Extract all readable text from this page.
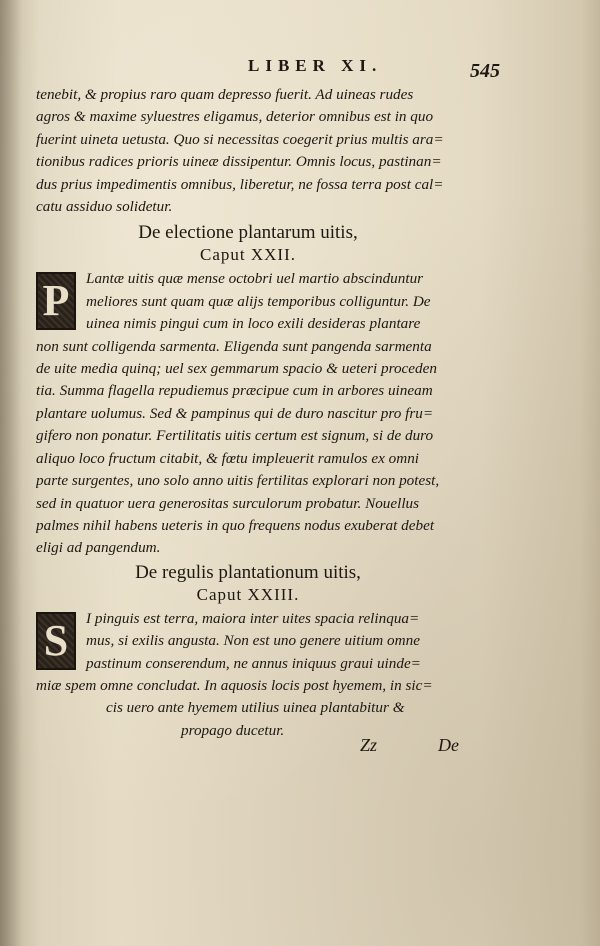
LIBER XI.	545
tenebit, & propius raro quam depresso fuerit. Ad uineas rudes
agros & maxime syluestres eligamus, deterior omnibus est in quo
fuerint uineta uetusta. Quo si necessitas coegerit prius multis ara=
tionibus radices prioris uineæ dissipentur. Omnis locus, pastinan=
dus prius impedimentis omnibus, liberetur, ne fossa terra post cal=
catu assiduo solidetur.
De electione plantarum uitis,
Caput XXII.
P	Lantæ uitis quæ mense octobri uel martio abscinduntur
meliores sunt quam quæ alijs temporibus colliguntur. De
uinea nimis pingui cum in loco exili desideras plantare
non sunt colligenda sarmenta. Eligenda sunt pangenda sarmenta
de uite media quinq; uel sex gemmarum spacio & ueteri proceden
tia. Summa flagella repudiemus præcipue cum in arbores uineam
plantare uolumus. Sed & pampinus qui de duro nascitur pro fru=
gifero non ponatur. Fertilitatis uitis certum est signum, si de duro
aliquo loco fructum citabit, & fœtu impleuerit ramulos ex omni
parte surgentes, uno solo anno uitis fertilitas explorari non potest,
sed in quatuor uera generositas surculorum probatur. Nouellus
palmes nihil habens ueteris in quo frequens nodus exuberat debet
eligi ad pangendum.
De regulis plantationum uitis,
Caput XXIII.
S	I pinguis est terra, maiora inter uites spacia relinqua=
mus, si exilis angusta. Non est uno genere uitium omne
pastinum conserendum, ne annus iniquus graui uinde=
miæ spem omne concludat. In aquosis locis post hyemem, in sic=
cis uero ante hyemem utilius uinea plantabitur &
propago ducetur.
Zz	De
